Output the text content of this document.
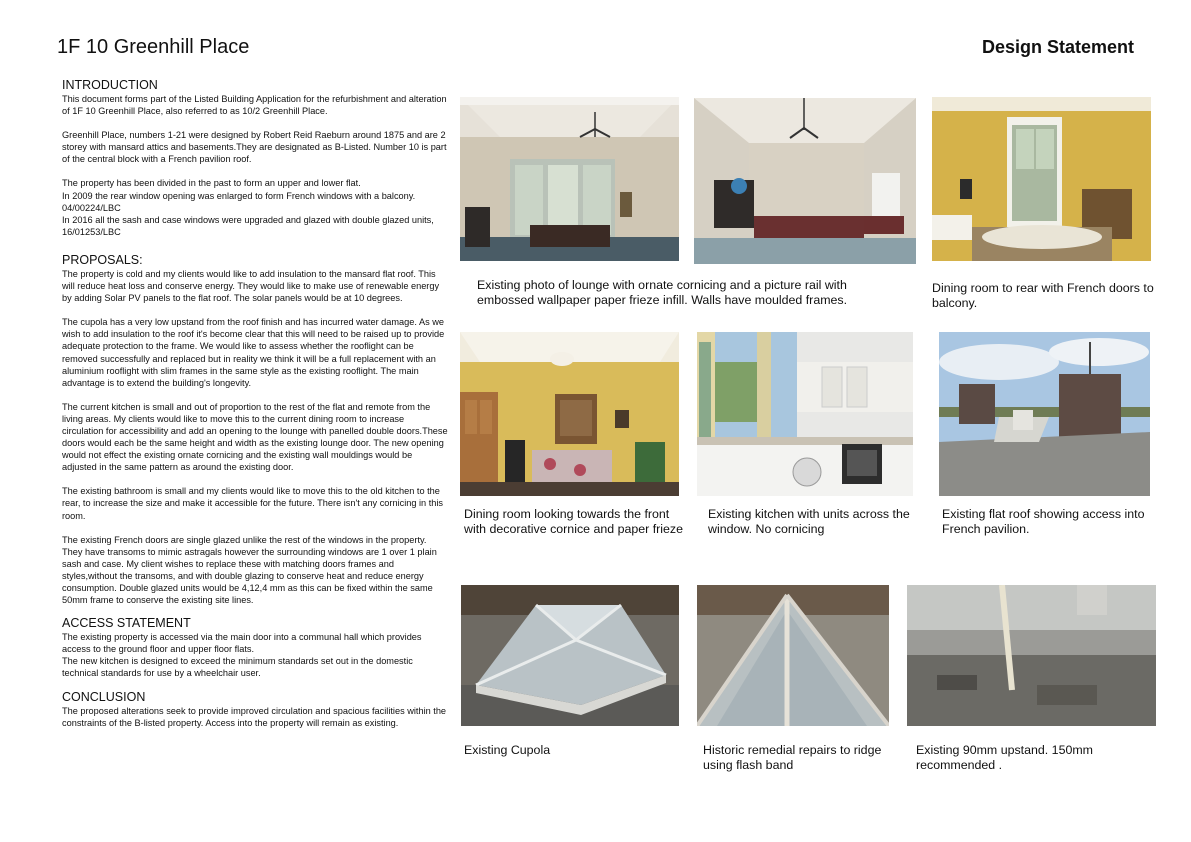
1F 10 Greenhill Place	Design Statement
INTRODUCTION

This document forms part of the Listed Building Application for the refurbishment and alteration of 1F 10 Greenhill Place, also referred to as 10/2 Greenhill Place.

Greenhill Place, numbers 1-21 were designed by Robert Reid Raeburn around 1875 and are 2 storey with mansard attics and basements.They are designated as B-Listed. Number 10 is part of the central block with a French pavilion roof.

The property has been divided in the past to form an upper and lower flat.
In 2009 the rear window opening was enlarged to form French windows with a balcony. 04/00224/LBC
In 2016 all the sash and case windows were upgraded and glazed with double glazed units, 16/01253/LBC

PROPOSALS:

The property is cold and my clients would like to add insulation to the mansard flat roof. This will reduce heat loss and conserve energy. They would like to make use of renewable energy by adding Solar PV panels to the flat roof. The solar panels would be at 10 degrees.

The cupola has a very low upstand from the roof finish and has incurred water damage. As we wish to add insulation to the roof it's become clear that this will need to be raised up to provide adequate protection to the frame. We would like to assess whether the rooflight can be removed successfully and replaced but in reality we think it will be a full replacement with an aluminium rooflight with slim frames in the same style as the existing rooflight. The main advantage is to extend the building's longevity.

The current kitchen is small and out of proportion to the rest of the flat and remote from the living areas. My clients would like to move this to the current dining room to increase circulation for accessibility and add an opening to the lounge with panelled double doors.These doors would each be the same height and width as the existing lounge door. The new opening would not effect the existing ornate cornicing and the existing wall mouldings would be adjusted in the same pattern as around the existing door.

The existing bathroom is small and my clients would like to move this to the old kitchen to the rear, to increase the size and make it accessible for the future. There isn't any cornicing in this room.

The existing French doors are single glazed unlike the rest of the windows in the property. They have transoms to mimic astragals however the surrounding windows are 1 over 1 plain sash and case. My client wishes to replace these with matching doors frames and styles,without the transoms, and with double glazing to conserve heat and reduce energy consumption. Double glazed units would be 4,12,4 mm as this can be fixed within the same 50mm frame to conserve the existing site lines.

ACCESS STATEMENT

The existing property is accessed via the main door into a communal hall which provides access to the ground floor and upper floor flats.
The new kitchen is designed to exceed the minimum standards set out in the domestic technical standards for use by a wheelchair user.

CONCLUSION

The proposed alterations seek to provide improved circulation and spacious facilities within the constraints of the B-listed property. Access into the property will remain as existing.

Existing photo of lounge with ornate cornicing and a picture rail with embossed wallpaper paper frieze infill. Walls have moulded frames.
Dining room to rear with French doors to balcony.
Dining room looking towards the front with decorative cornice and paper frieze
Existing kitchen with units across the window. No cornicing
Existing flat roof showing access into French pavilion.
Existing Cupola	Historic remedial repairs to ridge using flash band
Existing 90mm upstand. 150mm recommended .
